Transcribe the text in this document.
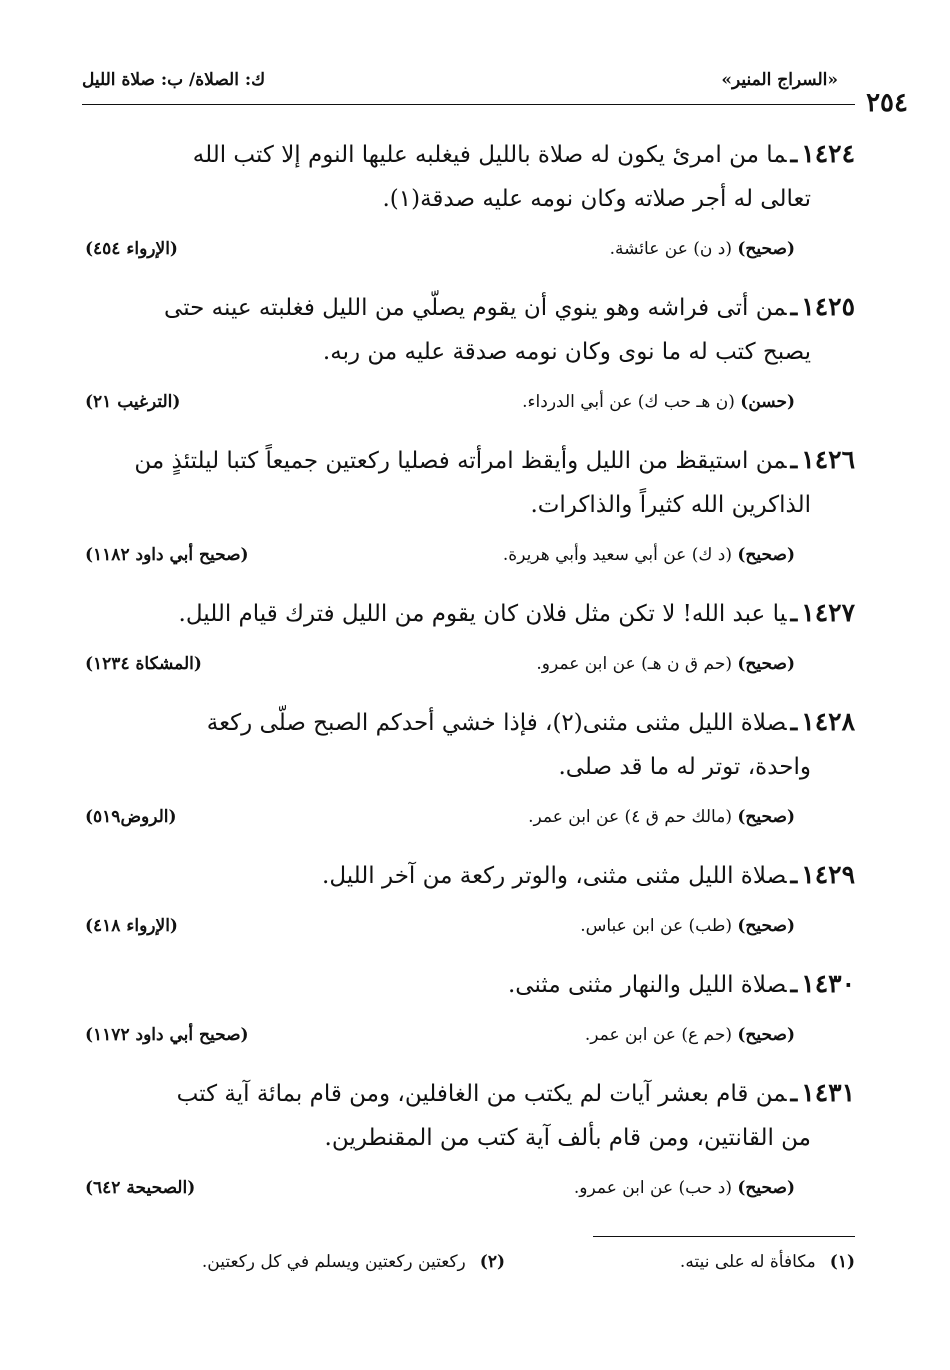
«السراج المنير»
ك: الصلاة/ ب: صلاة الليل
٢٥٤
١٤٢٤ـما من امرئ يكون له صلاة بالليل فيغلبه عليها النوم إلا كتب الله
تعالى له أجر صلاته وكان نومه عليه صدقة(١).
(صحيح) (د ن) عن عائشة.
(الإرواء ٤٥٤)
١٤٢٥ـمن أتى فراشه وهو ينوي أن يقوم يصلّي من الليل فغلبته عينه حتى
يصبح كتب له ما نوى وكان نومه صدقة عليه من ربه.
(حسن) (ن هـ حب ك) عن أبي الدرداء.
(الترغيب ٢١)
١٤٢٦ـمن استيقظ من الليل وأيقظ امرأته فصليا ركعتين جميعاً كتبا ليلتئذٍ من
الذاكرين الله كثيراً والذاكرات.
(صحيح) (د ك) عن أبي سعيد وأبي هريرة.
(صحيح أبي داود ١١٨٢)
١٤٢٧ـيا عبد الله! لا تكن مثل فلان كان يقوم من الليل فترك قيام الليل.
(صحيح) (حم ق ن هـ) عن ابن عمرو.
(المشكاة ١٢٣٤)
١٤٢٨ـصلاة الليل مثنى مثنى(٢)، فإذا خشي أحدكم الصبح صلّى ركعة
واحدة، توتر له ما قد صلى.
(صحيح) (مالك حم ق ٤) عن ابن عمر.
(الروض٥١٩)
١٤٢٩ـصلاة الليل مثنى مثنى، والوتر ركعة من آخر الليل.
(صحيح) (طب) عن ابن عباس.
(الإرواء ٤١٨)
١٤٣٠ـصلاة الليل والنهار مثنى مثنى.
(صحيح) (حم ع) عن ابن عمر.
(صحيح أبي داود ١١٧٢)
١٤٣١ـمن قام بعشر آيات لم يكتب من الغافلين، ومن قام بمائة آية كتب
من القانتين، ومن قام بألف آية كتب من المقنطرين.
(صحيح) (د حب) عن ابن عمرو.
(الصحيحة ٦٤٢)
(١)مكافأة له على نيته.
(٢)ركعتين ركعتين ويسلم في كل ركعتين.
